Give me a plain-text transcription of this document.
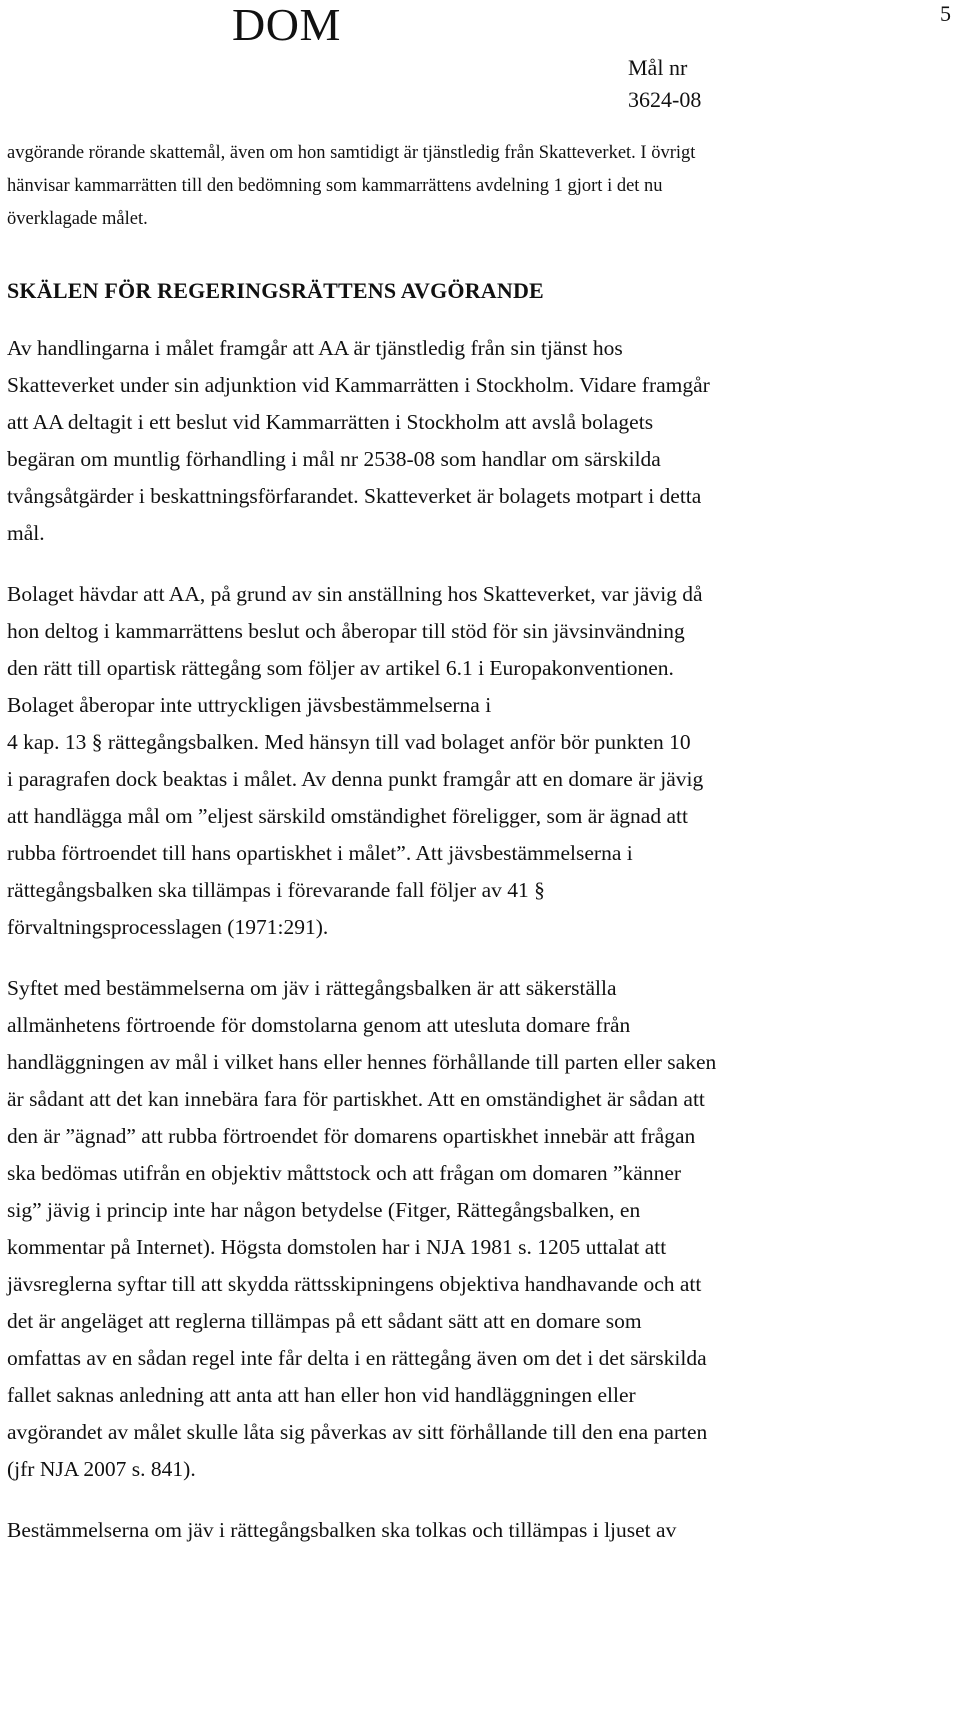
DOM
Mål nr
3624-08
5

avgörande rörande skattemål, även om hon samtidigt är tjänstledig från Skatteverket. I övrigt
hänvisar kammarrätten till den bedömning som kammarrättens avdelning 1 gjort i det nu
överklagade målet.

SKÄLEN FÖR REGERINGSRÄTTENS AVGÖRANDE

Av handlingarna i målet framgår att AA är tjänstledig från sin tjänst hos
Skatteverket under sin adjunktion vid Kammarrätten i Stockholm. Vidare framgår
att AA deltagit i ett beslut vid Kammarrätten i Stockholm att avslå bolagets
begäran om muntlig förhandling i mål nr 2538-08 som handlar om särskilda
tvångsåtgärder i beskattningsförfarandet. Skatteverket är bolagets motpart i detta
mål.

Bolaget hävdar att AA, på grund av sin anställning hos Skatteverket, var jävig då
hon deltog i kammarrättens beslut och åberopar till stöd för sin jävsinvändning
den rätt till opartisk rättegång som följer av artikel 6.1 i Europakonventionen.
Bolaget åberopar inte uttryckligen jävsbestämmelserna i
4 kap. 13 § rättegångsbalken. Med hänsyn till vad bolaget anför bör punkten 10
i paragrafen dock beaktas i målet. Av denna punkt framgår att en domare är jävig
att handlägga mål om ”eljest särskild omständighet föreligger, som är ägnad att
rubba förtroendet till hans opartiskhet i målet”. Att jävsbestämmelserna i
rättegångsbalken ska tillämpas i förevarande fall följer av 41 §
förvaltningsprocesslagen (1971:291).

Syftet med bestämmelserna om jäv i rättegångsbalken är att säkerställa
allmänhetens förtroende för domstolarna genom att utesluta domare från
handläggningen av mål i vilket hans eller hennes förhållande till parten eller saken
är sådant att det kan innebära fara för partiskhet. Att en omständighet är sådan att
den är ”ägnad” att rubba förtroendet för domarens opartiskhet innebär att frågan
ska bedömas utifrån en objektiv måttstock och att frågan om domaren ”känner
sig” jävig i princip inte har någon betydelse (Fitger, Rättegångsbalken, en
kommentar på Internet). Högsta domstolen har i NJA 1981 s. 1205 uttalat att
jävsreglerna syftar till att skydda rättsskipningens objektiva handhavande och att
det är angeläget att reglerna tillämpas på ett sådant sätt att en domare som
omfattas av en sådan regel inte får delta i en rättegång även om det i det särskilda
fallet saknas anledning att anta att han eller hon vid handläggningen eller
avgörandet av målet skulle låta sig påverkas av sitt förhållande till den ena parten
(jfr NJA 2007 s. 841).

Bestämmelserna om jäv i rättegångsbalken ska tolkas och tillämpas i ljuset av
